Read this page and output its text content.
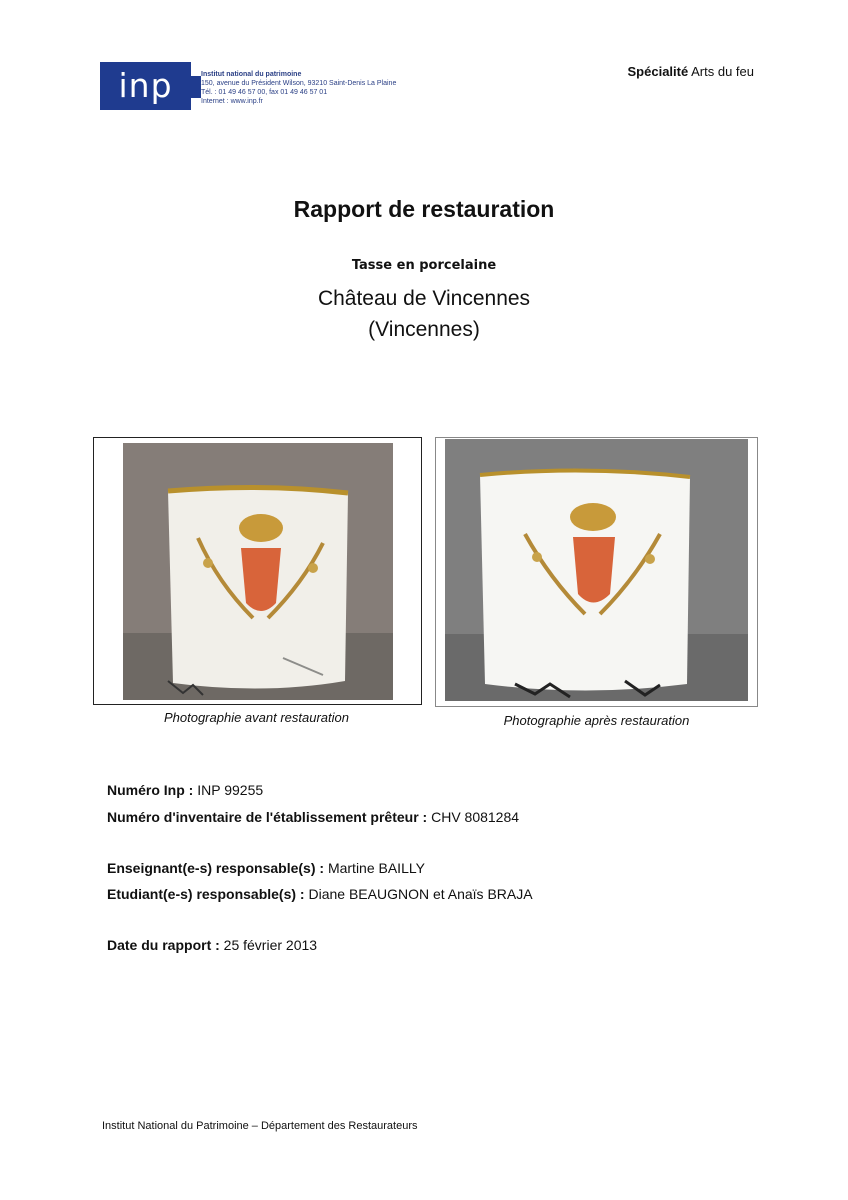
inp	Institut national du patrimoine
150, avenue du Président Wilson, 93210 Saint-Denis La Plaine
Tél. : 01 49 46 57 00, fax 01 49 46 57 01
Internet : www.inp.fr
Spécialité Arts du feu
Rapport de restauration
Tasse en porcelaine
Château de Vincennes
(Vincennes)
Photographie avant restauration	Photographie après restauration
Numéro Inp : INP 99255
Numéro d'inventaire de l'établissement prêteur : CHV 8081284
Enseignant(e-s) responsable(s) : Martine BAILLY
Etudiant(e-s) responsable(s) : Diane BEAUGNON et Anaïs BRAJA
Date du rapport : 25 février 2013
Institut National du Patrimoine – Département des Restaurateurs
